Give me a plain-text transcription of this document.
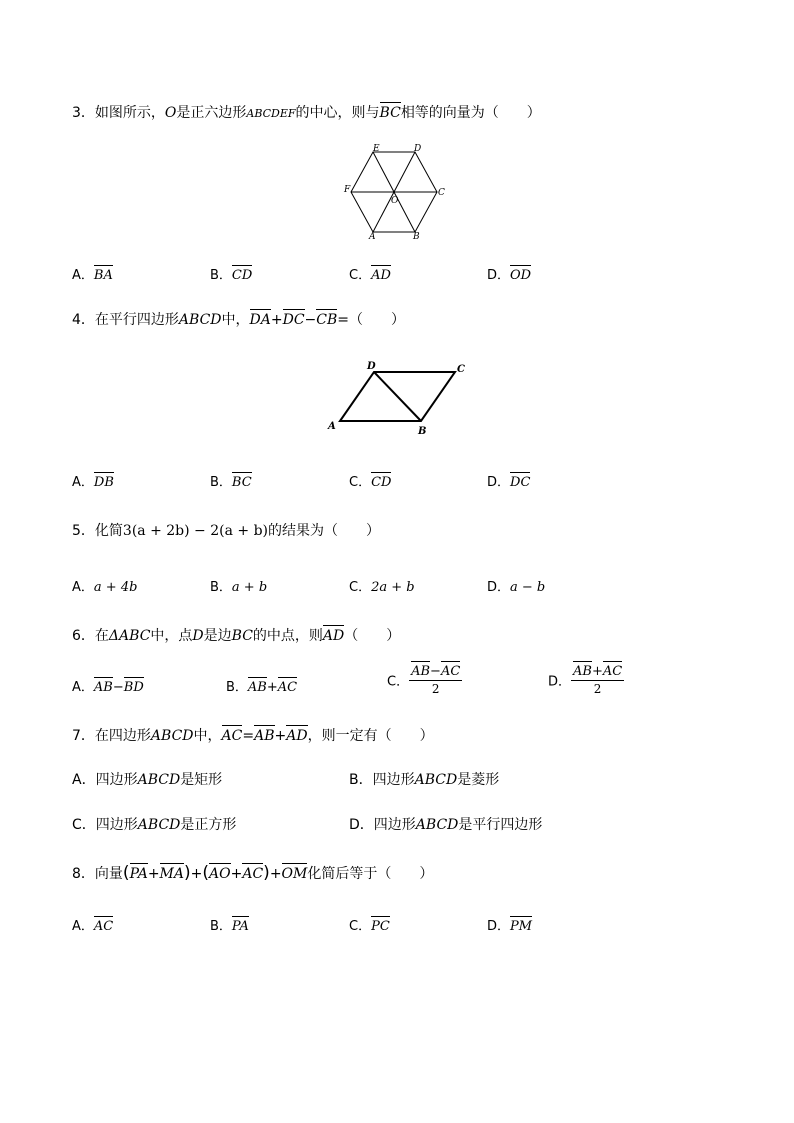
3．如图所示，O是正六边形ABCDEF的中心，则与BC相等的向量为（　　）
A	B
C
D
E
F
O
A．BA	B．CD	C．AD	D．OD
4．在平行四边形ABCD中，DA+DC−CB=（　　）
A	B
C
D
A．DB	B．BC	C．CD	D．DC
5．化简3(a + 2b) − 2(a + b)的结果为（　　）
A．a + 4b	B．a + b	C．2a + b	D．a − b
6．在ΔABC中，点D是边BC的中点，则AD（　　）
A．AB−BD	B．AB+AC	C． $\frac{AB-AC}{2}$	D． $\frac{AB+AC}{2}$
7．在四边形ABCD中，AC=AB+AD，则一定有（　　）
A．四边形ABCD是矩形	B．四边形ABCD是菱形
C．四边形ABCD是正方形	D．四边形ABCD是平行四边形
8．向量(PA+MA)+(AO+AC)+OM化简后等于（　　）
A．AC	B．PA	C．PC	D．PM
